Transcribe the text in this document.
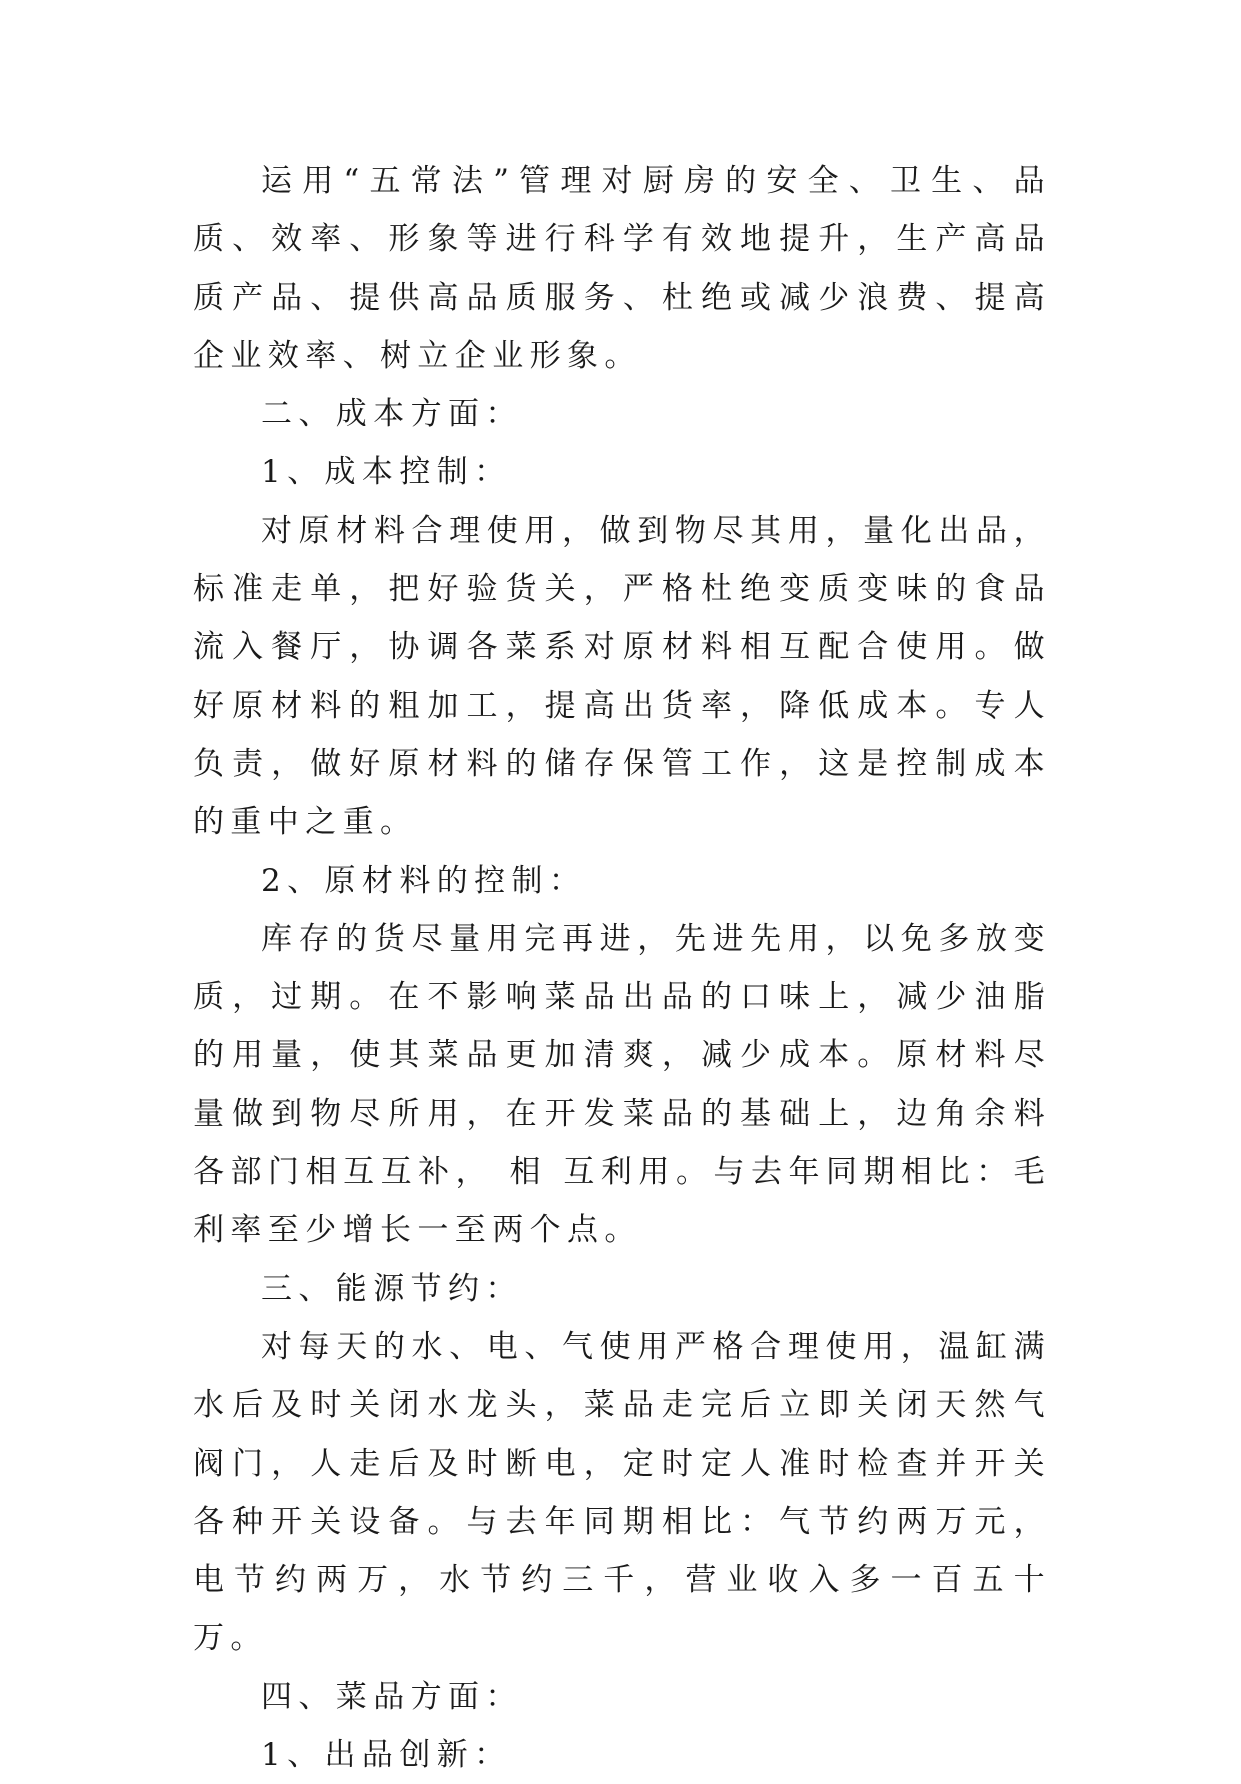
运用“五常法”管理对厨房的安全、卫生、品质、效率、形象等进行科学有效地提升，生产高品质产品、提供高品质服务、杜绝或减少浪费、提高企业效率、树立企业形象。

二、成本方面：

1、成本控制：

对原材料合理使用，做到物尽其用，量化出品，标准走单，把好验货关，严格杜绝变质变味的食品流入餐厅，协调各菜系对原材料相互配合使用。做好原材料的粗加工，提高出货率，降低成本。专人负责，做好原材料的储存保管工作，这是控制成本的重中之重。

2、原材料的控制：

库存的货尽量用完再进，先进先用，以免多放变质，过期。在不影响菜品出品的口味上，减少油脂的用量，使其菜品更加清爽，减少成本。原材料尽量做到物尽所用，在开发菜品的基础上，边角余料各部门相互互补， 相 互利用。与去年同期相比：毛利率至少增长一至两个点。

三、能源节约：

对每天的水、电、气使用严格合理使用，温缸满水后及时关闭水龙头，菜品走完后立即关闭天然气阀门，人走后及时断电，定时定人准时检查并开关各种开关设备。与去年同期相比：气节约两万元，电节约两万，水节约三千，营业收入多一百五十万。

四、菜品方面：

1、出品创新：
